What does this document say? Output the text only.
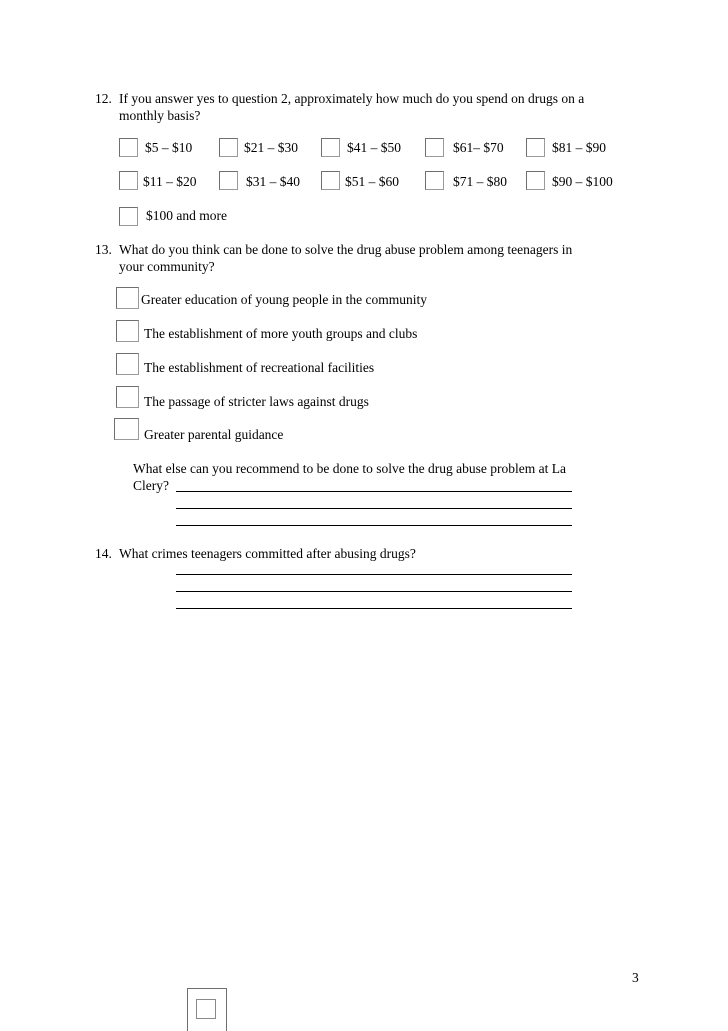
12. If you answer yes to question 2, approximately how much do you spend on drugs on a
monthly basis?
$5 – $10	$21 – $30	$41 – $50	$61– $70	$81 – $90
$11 – $20	$31 – $40	$51 – $60	$71 – $80	$90 – $100
$100 and more
13. What do you think can be done to solve the drug abuse problem among teenagers in
your community?
Greater education of young people in the community
The establishment of more youth groups and clubs
The establishment of recreational facilities
The passage of stricter laws against drugs
Greater parental guidance
What else can you recommend to be done to solve the drug abuse problem at La
Clery?
14. What crimes teenagers committed after abusing drugs?
3
